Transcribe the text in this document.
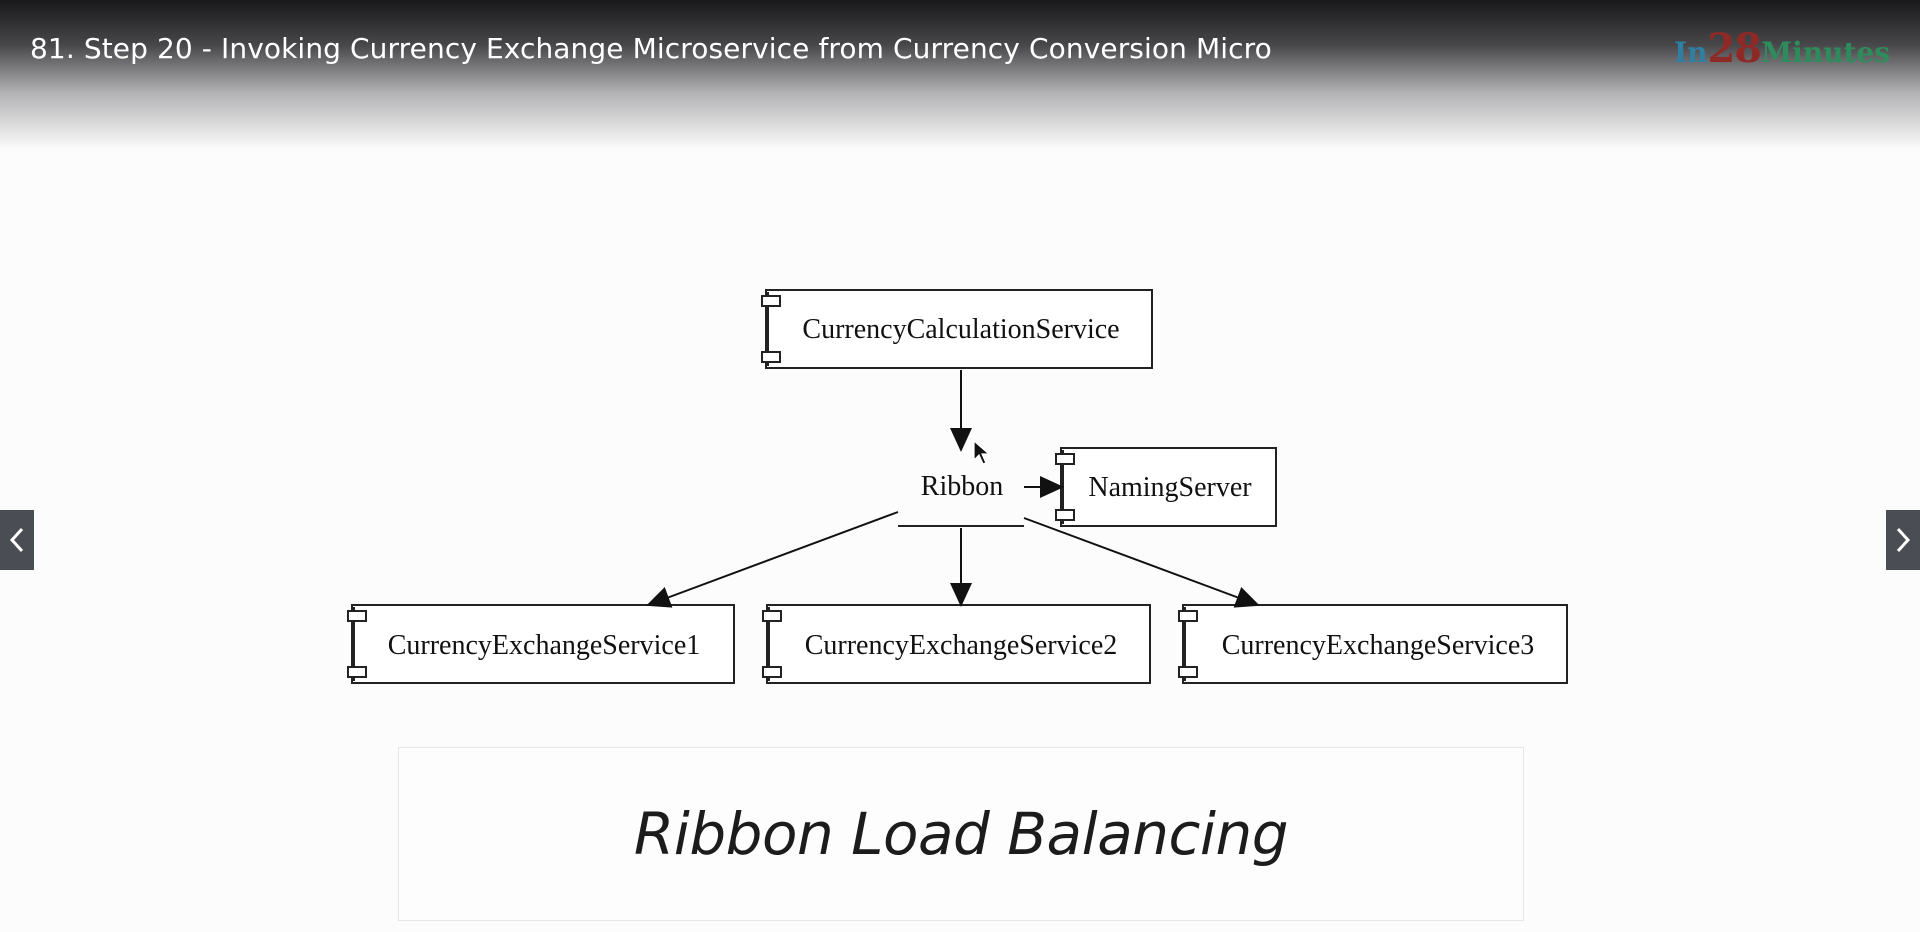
CurrencyCalculationService
Ribbon	NamingServer
CurrencyExchangeService1	CurrencyExchangeService2	CurrencyExchangeService3
81. Step 20 - Invoking Currency Exchange Microservice from Currency Conversion Micro	In28Minutes
Ribbon Load Balancing
